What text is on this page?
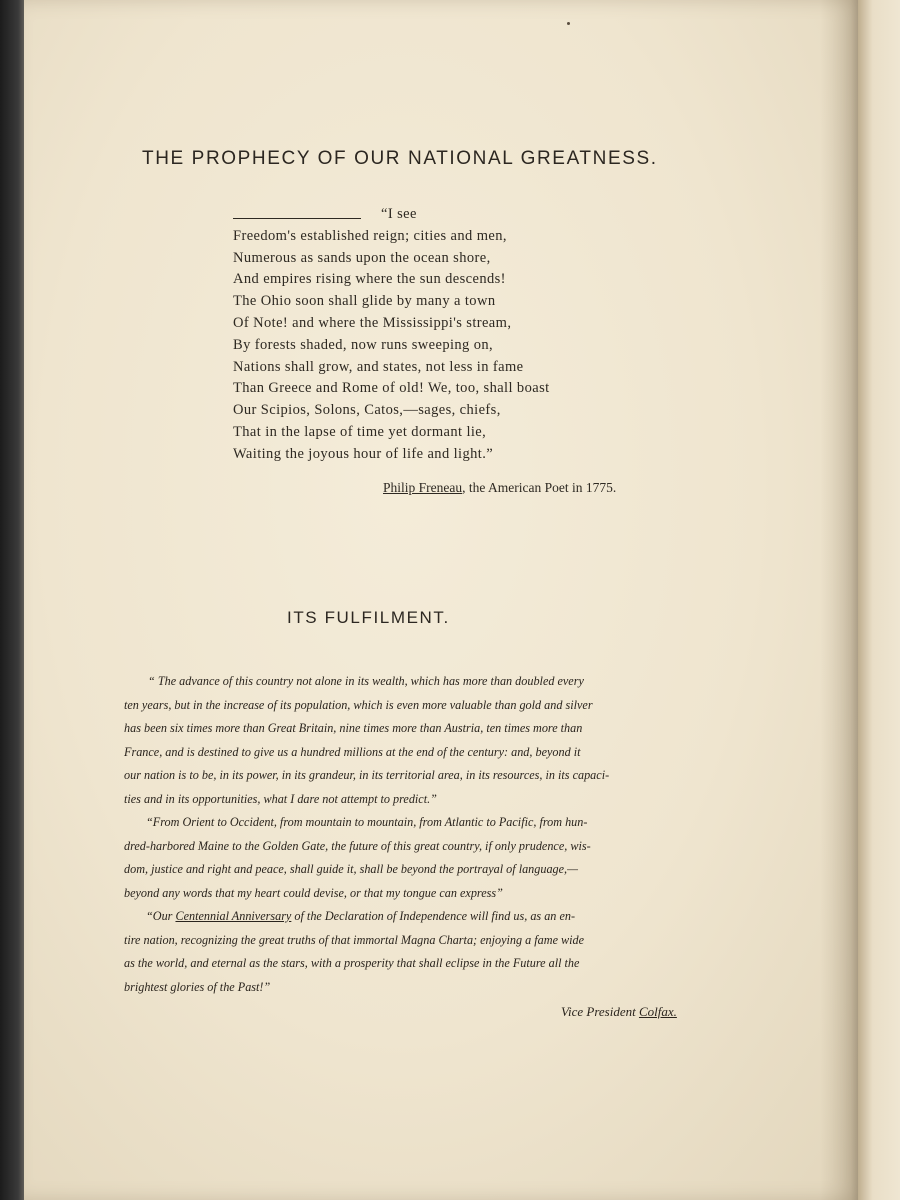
THE PROPHECY OF OUR NATIONAL GREATNESS.
“I see
Freedom's established reign; cities and men,
Numerous as sands upon the ocean shore,
And empires rising where the sun descends!
The Ohio soon shall glide by many a town
Of Note! and where the Mississippi's stream,
By forests shaded, now runs sweeping on,
Nations shall grow, and states, not less in fame
Than Greece and Rome of old! We, too, shall boast
Our Scipios, Solons, Catos,—sages, chiefs,
That in the lapse of time yet dormant lie,
Waiting the joyous hour of life and light.”
Philip Freneau, the American Poet in 1775.
ITS FULFILMENT.
“ The advance of this country not alone in its wealth, which has more than doubled every
ten years, but in the increase of its population, which is even more valuable than gold and silver
has been six times more than Great Britain, nine times more than Austria, ten times more than
France, and is destined to give us a hundred millions at the end of the century: and, beyond it
our nation is to be, in its power, in its grandeur, in its territorial area, in its resources, in its capaci-
ties and in its opportunities, what I dare not attempt to predict.”
“From Orient to Occident, from mountain to mountain, from Atlantic to Pacific, from hun-
dred-harbored Maine to the Golden Gate, the future of this great country, if only prudence, wis-
dom, justice and right and peace, shall guide it, shall be beyond the portrayal of language,—
beyond any words that my heart could devise, or that my tongue can express”
“Our Centennial Anniversary of the Declaration of Independence will find us, as an en-
tire nation, recognizing the great truths of that immortal Magna Charta; enjoying a fame wide
as the world, and eternal as the stars, with a prosperity that shall eclipse in the Future all the
brightest glories of the Past!”
Vice President Colfax.
